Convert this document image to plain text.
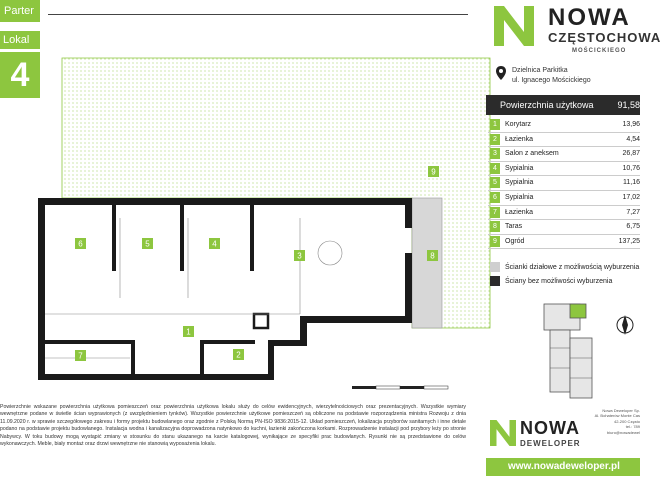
Parter
Lokal
4
6	5	4
3	8
9
1
7	2
NOWA
CZĘSTOCHOWA
MOŚCICKIEGO
Dzielnica Parkitka
ul. Ignacego Mościckiego
Powierzchnia użytkowa	91,58
1	Korytarz	13,96
2	Łazienka	4,54
3	Salon z aneksem	26,87
4	Sypialnia	10,76
5	Sypialnia	11,16
6	Sypialnia	17,02
7	Łazienka	7,27
8	Taras	6,75
9	Ogród	137,25
Ścianki działowe z możliwością wyburzenia
Ściany bez możliwości wyburzenia
Powierzchnie wskazane powierzchnia użytkowa pomieszczeń oraz powierzchnia użytkowa lokalu służy do celów ewidencyjnych, wierzytelnościowych oraz prezentacyjnych. Wszystkie wymiary wewnętrzne podane w świetle ścian wyprawionych (z uwzględnieniem tynków). Wszystkie powierzchnie użytkowe pomieszczeń są obliczone na podstawie rozporządzenia ministra Rozwoju z dnia 11.09.2020 r. w sprawie szczegółowego zakresu i formy projektu budowlanego oraz zgodnie z Polską Normą PN-ISO 9836:2015-12. Układ pomieszczeń, lokalizacja przyborów sanitarnych i inne detale podano na podstawie projektu budowlanego. Instalacja wodna i kanalizacyjna doprowadzona natynkowo do kuchni, łazienki zakończona korkami. Rozprowadzenie instalacji pod przybory leży po stronie Nabywcy. W toku budowy mogą wystąpić zmiany w stosunku do stanu ukazanego na karcie katalogowej, wynikające ze specyfiki prac budowlanych. Rysunki nie są przedstawione do celów wykonawczych. Meble, biały montaż oraz drzwi wewnętrzne nie stanowią wyposażenia lokalu.
NOWA
DEWELOPER
Nowa Deweloper Sp.
Al. Bohaterów Monte Cas
42-200 Często
tel.: 789
biuro@nowadewel
www.nowadeweloper.pl
